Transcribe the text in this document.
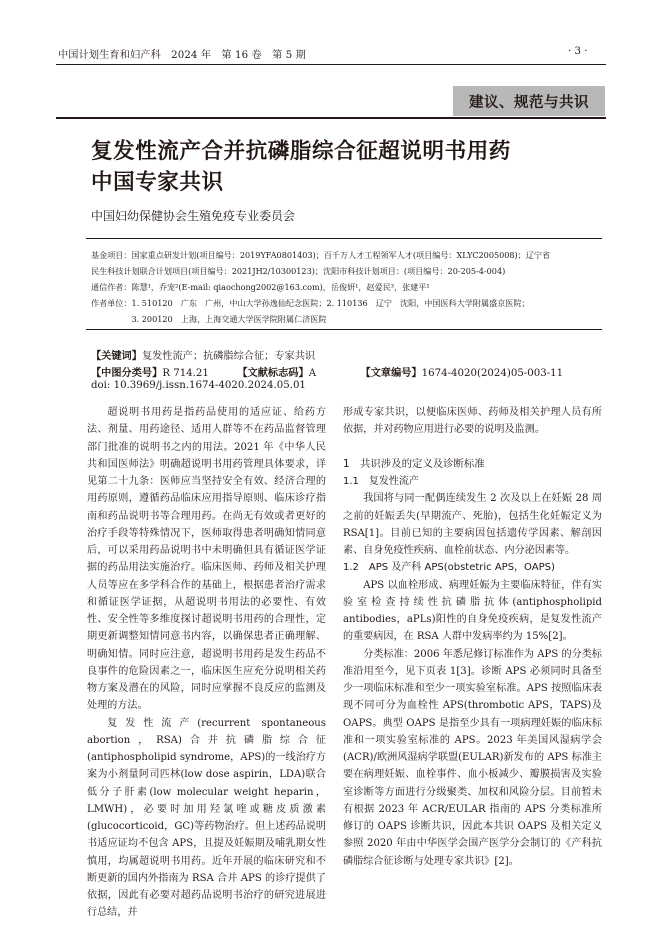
中国计划生育和妇产科　2024 年　第 16 卷　第 5 期	· 3 ·
建议、规范与共识
复发性流产合并抗磷脂综合征超说明书用药
中国专家共识
中国妇幼保健协会生殖免疫专业委员会
基金项目：国家重点研发计划(项目编号：2019YFA0801403)；百千万人才工程领军人才(项目编号：XLYC2005008)；辽宁省
民生科技计划联合计划项目(项目编号：2021JH2/10300123)；沈阳市科技计划项目：(项目编号：20-205-4-004)
通信作者：陈慧¹，乔宠²(E-mail: qiaochong2002@163.com)，岳俊妍¹，赵爱民³，张建平¹
作者单位：1. 510120　广东　广州，中山大学孙逸仙纪念医院；2. 110136　辽宁　沈阳，中国医科大学附属盛京医院；
　　　　　3. 200120　上海，上海交通大学医学院附属仁济医院
【关键词】复发性流产；抗磷脂综合征；专家共识
【中图分类号】R 714.21	【文献标志码】A	【文章编号】1674-4020(2024)05-003-11
doi: 10.3969/j.issn.1674-4020.2024.05.01

超说明书用药是指药品使用的适应证、给药方法、剂量、用药途径、适用人群等不在药品监督管理部门批准的说明书之内的用法。2021 年《中华人民共和国医师法》明确超说明书用药管理具体要求，详见第二十九条：医师应当坚持安全有效、经济合理的用药原则，遵循药品临床应用指导原则、临床诊疗指南和药品说明书等合理用药。在尚无有效或者更好的治疗手段等特殊情况下，医师取得患者明确知情同意后，可以采用药品说明书中未明确但具有循证医学证据的药品用法实施治疗。临床医师、药师及相关护理人员等应在多学科合作的基础上，根据患者治疗需求和循证医学证据，从超说明书用法的必要性、有效性、安全性等多维度探讨超说明书用药的合理性，定期更新调整知情同意书内容，以确保患者正确理解、明确知情。同时应注意，超说明书用药是发生药品不良事件的危险因素之一，临床医生应充分说明相关药物方案及潜在的风险，同时应掌握不良反应的监测及处理的方法。

复发性流产(recurrent spontaneous abortion，RSA)合并抗磷脂综合征(antiphospholipid syndrome，APS)的一线治疗方案为小剂量阿司匹林(low dose aspirin，LDA)联合低分子肝素(low molecular weight heparin，LMWH)，必要时加用羟氯喹或糖皮质激素(glucocorticoid，GC)等药物治疗。但上述药品说明书适应证均不包含 APS，且提及妊娠期及哺乳期女性慎用，均属超说明书用药。近年开展的临床研究和不断更新的国内外指南为 RSA 合并 APS 的诊疗提供了依据，因此有必要对超药品说明书治疗的研究进展进行总结，并

形成专家共识，以便临床医师、药师及相关护理人员有所依据，并对药物应用进行必要的说明及监测。

1　共识涉及的定义及诊断标准

1.1　复发性流产

我国将与同一配偶连续发生 2 次及以上在妊娠 28 周之前的妊娠丢失(早期流产、死胎)，包括生化妊娠定义为 RSA[1]。目前已知的主要病因包括遗传学因素、解剖因素、自身免疫性疾病、血栓前状态、内分泌因素等。

1.2　APS 及产科 APS(obstetric APS，OAPS)

APS 以血栓形成、病理妊娠为主要临床特征，伴有实验室检查持续性抗磷脂抗体(antiphospholipid antibodies，aPLs)阳性的自身免疫疾病，是复发性流产的重要病因，在 RSA 人群中发病率约为 15%[2]。

分类标准：2006 年悉尼修订标准作为 APS 的分类标准沿用至今，见下页表 1[3]。诊断 APS 必须同时具备至少一项临床标准和至少一项实验室标准。APS 按照临床表现不同可分为血栓性 APS(thrombotic APS，TAPS)及 OAPS。典型 OAPS 是指至少具有一项病理妊娠的临床标准和一项实验室标准的 APS。2023 年美国风湿病学会(ACR)/欧洲风湿病学联盟(EULAR)新发布的 APS 标准主要在病理妊娠、血栓事件、血小板减少、瓣膜损害及实验室诊断等方面进行分级聚类、加权和风险分层。目前暂未有根据 2023 年 ACR/EULAR 指南的 APS 分类标准所修订的 OAPS 诊断共识，因此本共识 OAPS 及相关定义参照 2020 年由中华医学会围产医学分会制订的《产科抗磷脂综合征诊断与处理专家共识》[2]。
